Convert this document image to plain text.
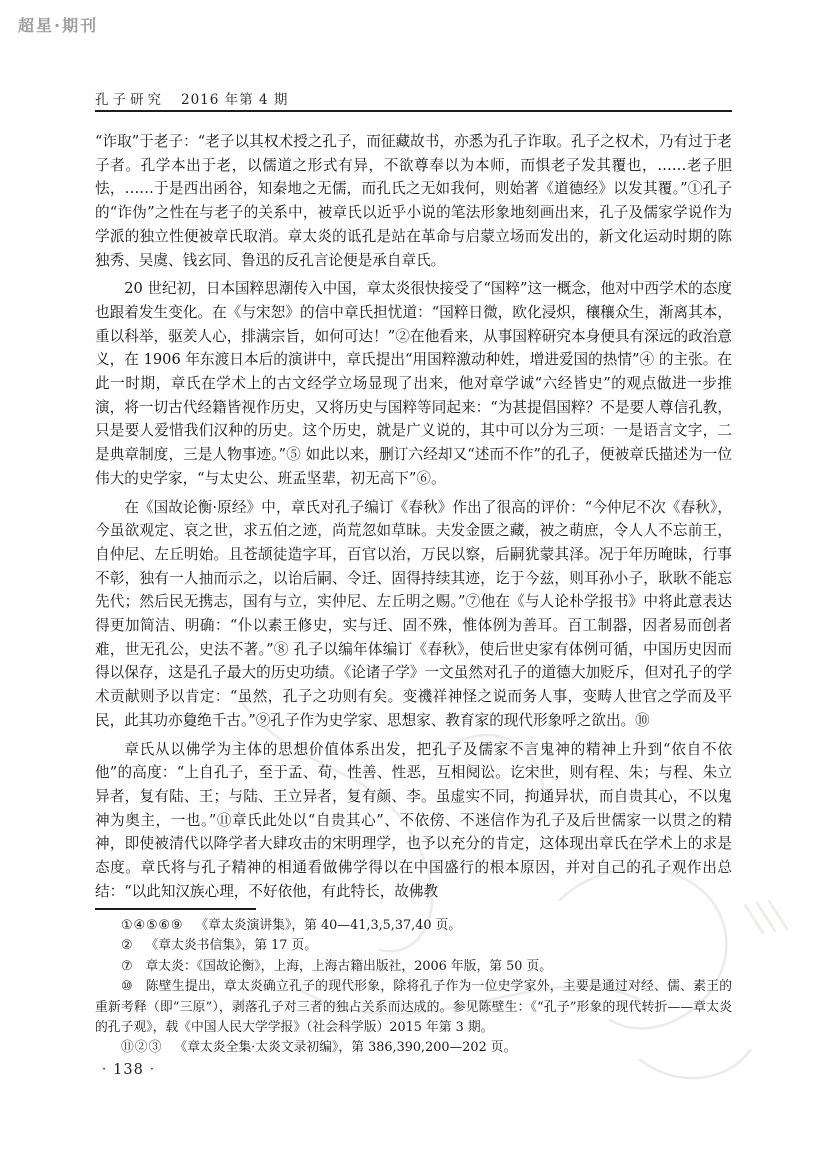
超星·期刊
孔子研究 2016 年第 4 期

“诈取”于老子：“老子以其权术授之孔子，而征藏故书，亦悉为孔子诈取。孔子之权术，乃有过于老子者。孔学本出于老，以儒道之形式有异，不欲尊奉以为本师，而惧老子发其覆也，……老子胆怯，……于是西出函谷，知秦地之无儒，而孔氏之无如我何，则始著《道德经》以发其覆。”①孔子的“诈伪”之性在与老子的关系中，被章氏以近乎小说的笔法形象地刻画出来，孔子及儒家学说作为学派的独立性便被章氏取消。章太炎的诋孔是站在革命与启蒙立场而发出的，新文化运动时期的陈独秀、吴虞、钱玄同、鲁迅的反孔言论便是承自章氏。

20 世纪初，日本国粹思潮传入中国，章太炎很快接受了“国粹”这一概念，他对中西学术的态度也跟着发生变化。在《与宋恕》的信中章氏担忧道：“国粹日微，欧化浸炽，穰穰众生，渐离其本，重以科举，驱羑人心，排满宗旨，如何可达！”②在他看来，从事国粹研究本身便具有深远的政治意义，在 1906 年东渡日本后的演讲中，章氏提出“用国粹激动种姓，增进爱国的热情”④ 的主张。在此一时期，章氏在学术上的古文经学立场显现了出来，他对章学诚“六经皆史”的观点做进一步推演，将一切古代经籍皆视作历史，又将历史与国粹等同起来：“为甚提倡国粹？不是要人尊信孔教，只是要人爱惜我们汉种的历史。这个历史，就是广义说的，其中可以分为三项：一是语言文字，二是典章制度，三是人物事迹。”⑤ 如此以来，删订六经却又“述而不作”的孔子，便被章氏描述为一位伟大的史学家，“与太史公、班孟坚辈，初无高下”⑥。

在《国故论衡·原经》中，章氏对孔子编订《春秋》作出了很高的评价：“今仲尼不次《春秋》，今虽欲观定、哀之世，求五伯之迹，尚荒忽如草昧。夫发金匮之藏，被之萌庶，令人人不忘前王，自仲尼、左丘明始。且苍颉徒造字耳，百官以治，万民以察，后嗣犹蒙其泽。况于年历晻昧，行事不彰，独有一人抽而示之，以诒后嗣、令迁、固得持续其迹，讫于今兹，则耳孙小子，耿耿不能忘先代；然后民无携志，国有与立，实仲尼、左丘明之赐。”⑦他在《与人论朴学报书》中将此意表达得更加简洁、明确：“仆以素王修史，实与迁、固不殊，惟体例为善耳。百工制器，因者易而创者难，世无孔公，史法不著。”⑧ 孔子以编年体编订《春秋》，使后世史家有体例可循，中国历史因而得以保存，这是孔子最大的历史功绩。《论诸子学》一文虽然对孔子的道德大加贬斥，但对孔子的学术贡献则予以肯定：“虽然，孔子之功则有矣。变禨祥神怪之说而务人事，变畴人世官之学而及平民，此其功亦敻绝千古。”⑨孔子作为史学家、思想家、教育家的现代形象呼之欲出。⑩

章氏从以佛学为主体的思想价值体系出发，把孔子及儒家不言鬼神的精神上升到“依自不依他”的高度：“上自孔子，至于孟、荀，性善、性恶，互相阋讼。讫宋世，则有程、朱；与程、朱立异者，复有陆、王；与陆、王立异者，复有颜、李。虽虚实不同，拘通异状，而自贵其心，不以鬼神为奥主，一也。”⑪章氏此处以“自贵其心”、不依傍、不迷信作为孔子及后世儒家一以贯之的精神，即使被清代以降学者大肆攻击的宋明理学，也予以充分的肯定，这体现出章氏在学术上的求是态度。章氏将与孔子精神的相通看做佛学得以在中国盛行的根本原因，并对自己的孔子观作出总结：“以此知汉族心理，不好依他，有此特长，故佛教

①④⑤⑥⑨ 《章太炎演讲集》，第 40—41,3,5,37,40 页。
② 《章太炎书信集》，第 17 页。
⑦ 章太炎：《国故论衡》，上海，上海古籍出版社，2006 年版，第 50 页。
⑩ 陈壁生提出，章太炎确立孔子的现代形象，除将孔子作为一位史学家外，主要是通过对经、儒、素王的重新考释（即“三原”），剥落孔子对三者的独占关系而达成的。参见陈壁生：《“孔子”形象的现代转折——章太炎的孔子观》，载《中国人民大学学报》（社会科学版）2015 年第 3 期。
⑪②③ 《章太炎全集·太炎文录初编》，第 386,390,200—202 页。
· 138 ·
